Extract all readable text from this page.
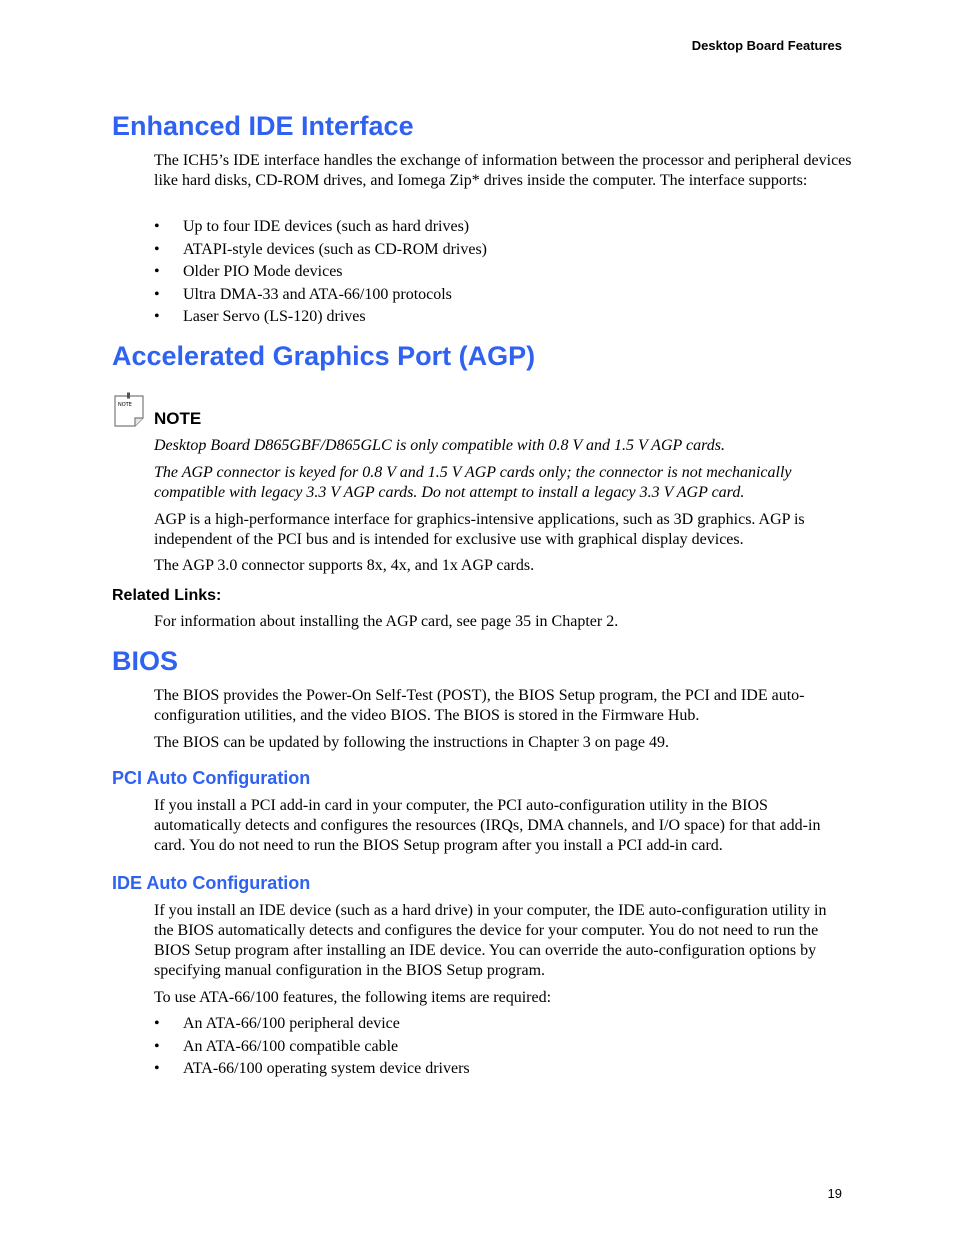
Desktop Board Features
Enhanced IDE Interface

The ICH5’s IDE interface handles the exchange of information between the processor and peripheral devices like hard disks, CD-ROM drives, and Iomega Zip* drives inside the computer. The interface supports:

• Up to four IDE devices (such as hard drives)
• ATAPI-style devices (such as CD-ROM drives)
• Older PIO Mode devices
• Ultra DMA-33 and ATA-66/100 protocols
• Laser Servo (LS-120) drives
Accelerated Graphics Port (AGP)
NOTE
NOTE

Desktop Board D865GBF/D865GLC is only compatible with 0.8 V and 1.5 V AGP cards.

The AGP connector is keyed for 0.8 V and 1.5 V AGP cards only; the connector is not mechanically compatible with legacy 3.3 V AGP cards. Do not attempt to install a legacy 3.3 V AGP card.

AGP is a high-performance interface for graphics-intensive applications, such as 3D graphics. AGP is independent of the PCI bus and is intended for exclusive use with graphical display devices.

The AGP 3.0 connector supports 8x, 4x, and 1x AGP cards.

Related Links:

For information about installing the AGP card, see page 35 in Chapter 2.

BIOS

The BIOS provides the Power-On Self-Test (POST), the BIOS Setup program, the PCI and IDE auto-configuration utilities, and the video BIOS. The BIOS is stored in the Firmware Hub.

The BIOS can be updated by following the instructions in Chapter 3 on page 49.

PCI Auto Configuration

If you install a PCI add-in card in your computer, the PCI auto-configuration utility in the BIOS automatically detects and configures the resources (IRQs, DMA channels, and I/O space) for that add-in card. You do not need to run the BIOS Setup program after you install a PCI add-in card.

IDE Auto Configuration

If you install an IDE device (such as a hard drive) in your computer, the IDE auto-configuration utility in the BIOS automatically detects and configures the device for your computer. You do not need to run the BIOS Setup program after installing an IDE device. You can override the auto-configuration options by specifying manual configuration in the BIOS Setup program.

To use ATA-66/100 features, the following items are required:

• An ATA-66/100 peripheral device
• An ATA-66/100 compatible cable
• ATA-66/100 operating system device drivers
19
